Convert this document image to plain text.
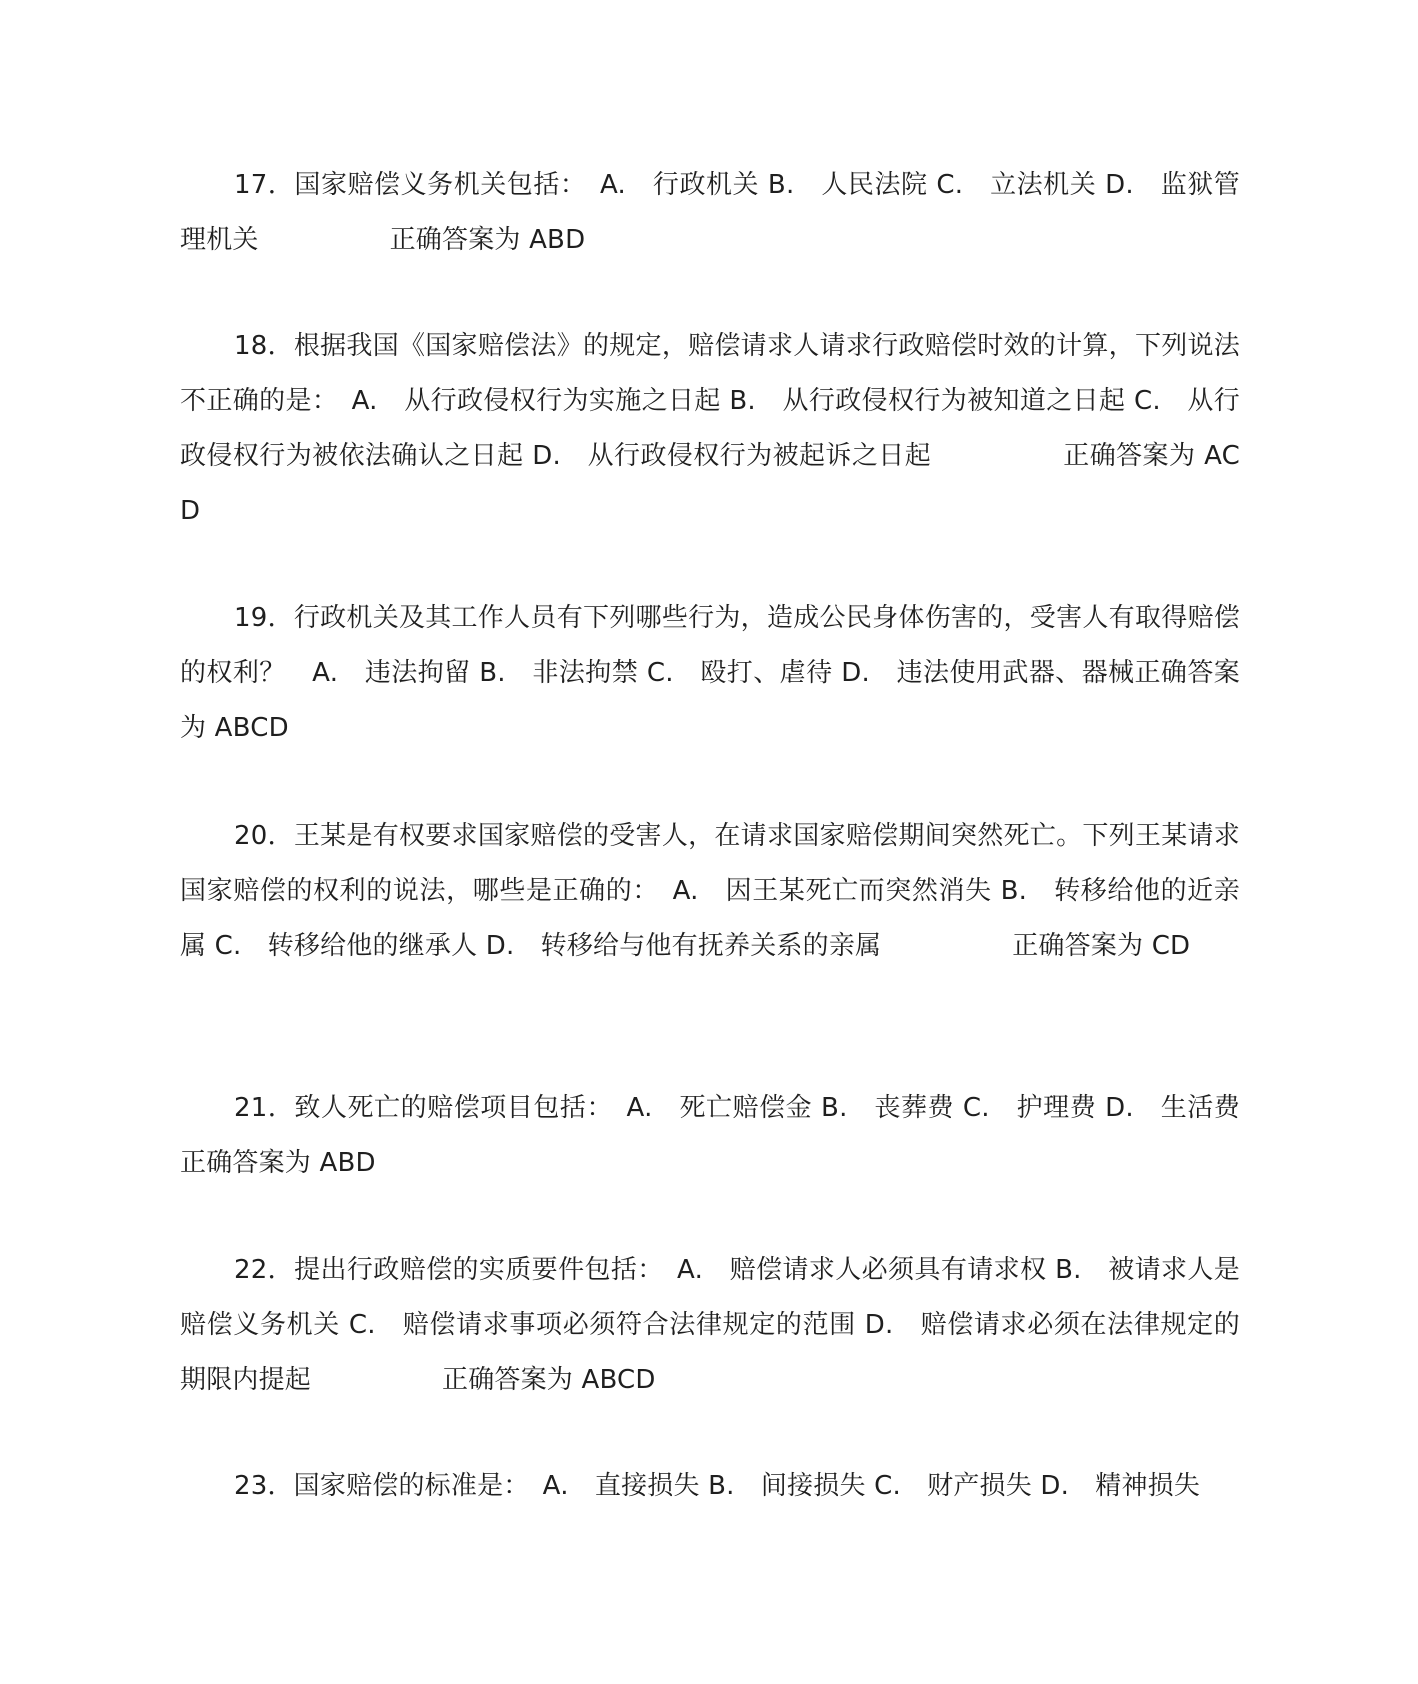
17．国家赔偿义务机关包括：　A.　行政机关 B.　人民法院 C.　立法机关 D.　监狱管理机关　　　　　正确答案为 ABD

18．根据我国《国家赔偿法》的规定，赔偿请求人请求行政赔偿时效的计算，下列说法不正确的是：　A.　从行政侵权行为实施之日起 B.　从行政侵权行为被知道之日起 C.　从行政侵权行为被依法确认之日起 D.　从行政侵权行为被起诉之日起　　　　　正确答案为 ACD

19．行政机关及其工作人员有下列哪些行为，造成公民身体伤害的，受害人有取得赔偿的权利？　A.　违法拘留 B.　非法拘禁 C.　殴打、虐待 D.　违法使用武器、器械正确答案为 ABCD

20．王某是有权要求国家赔偿的受害人，在请求国家赔偿期间突然死亡。下列王某请求国家赔偿的权利的说法，哪些是正确的：　A.　因王某死亡而突然消失 B.　转移给他的近亲属 C.　转移给他的继承人 D.　转移给与他有抚养关系的亲属　　　　　正确答案为 CD

21．致人死亡的赔偿项目包括：　A.　死亡赔偿金 B.　丧葬费 C.　护理费 D.　生活费　　　　　正确答案为 ABD

22．提出行政赔偿的实质要件包括：　A.　赔偿请求人必须具有请求权 B.　被请求人是赔偿义务机关 C.　赔偿请求事项必须符合法律规定的范围 D.　赔偿请求必须在法律规定的期限内提起　　　　　正确答案为 ABCD

23．国家赔偿的标准是：　A.　直接损失 B.　间接损失 C.　财产损失 D.　精神损失
